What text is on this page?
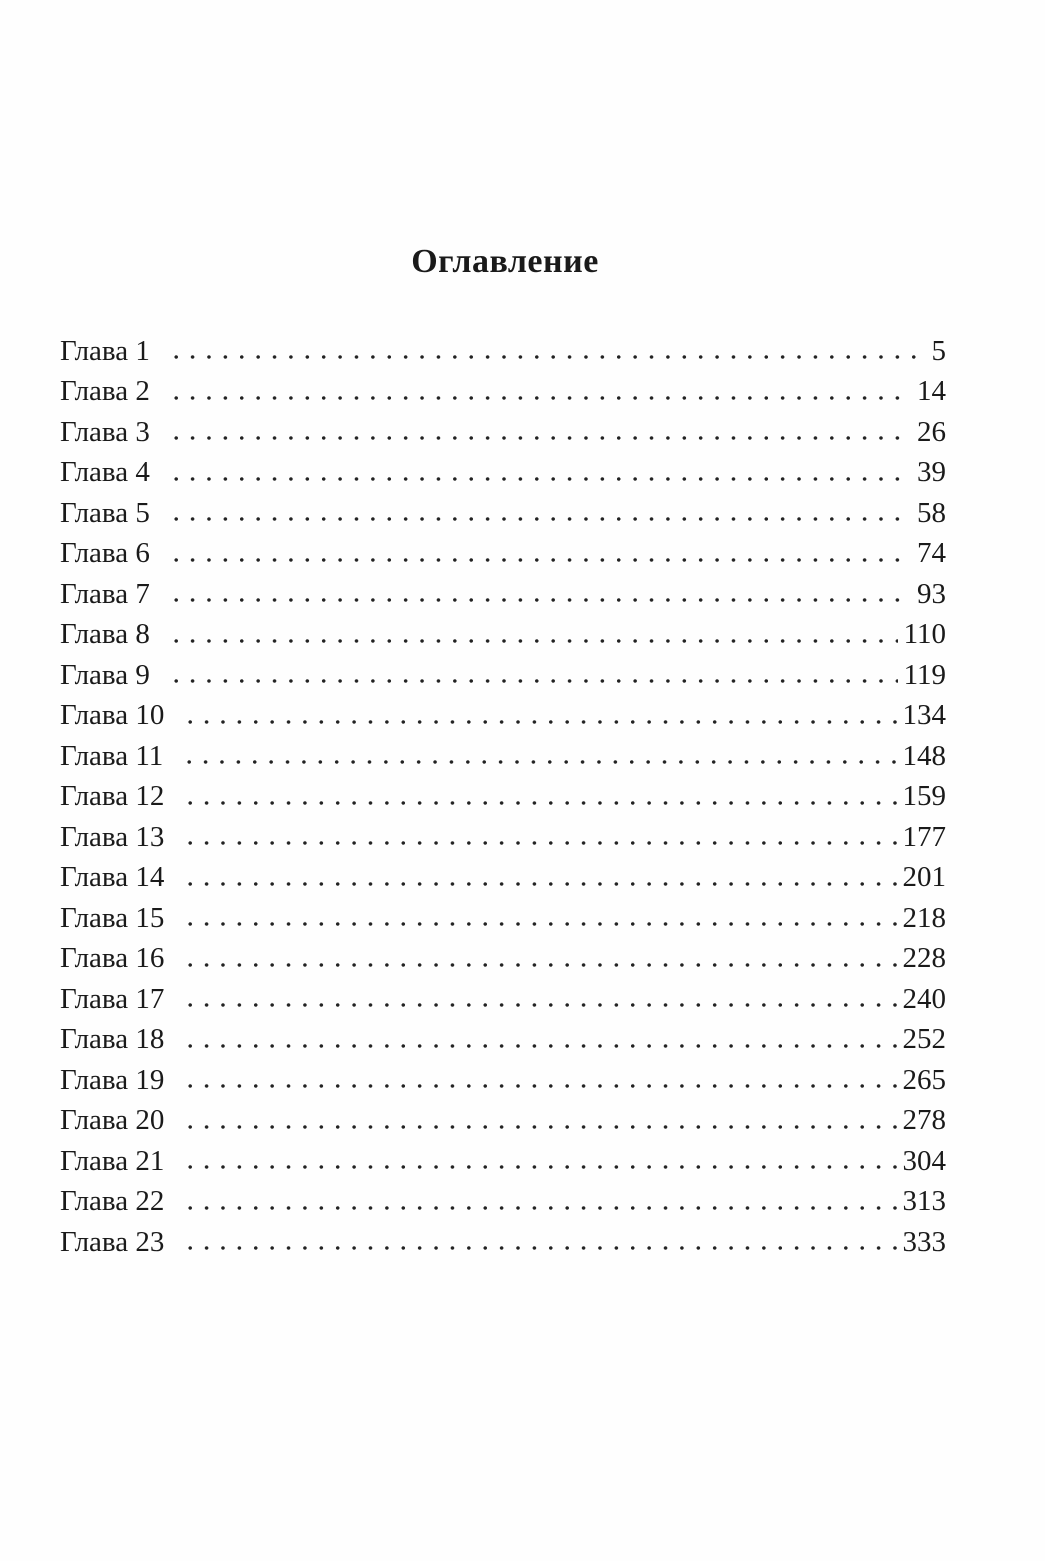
Оглавление
Глава 1	5
Глава 2	14
Глава 3	26
Глава 4	39
Глава 5	58
Глава 6	74
Глава 7	93
Глава 8	110
Глава 9	119
Глава 10	134
Глава 11	148
Глава 12	159
Глава 13	177
Глава 14	201
Глава 15	218
Глава 16	228
Глава 17	240
Глава 18	252
Глава 19	265
Глава 20	278
Глава 21	304
Глава 22	313
Глава 23	333
